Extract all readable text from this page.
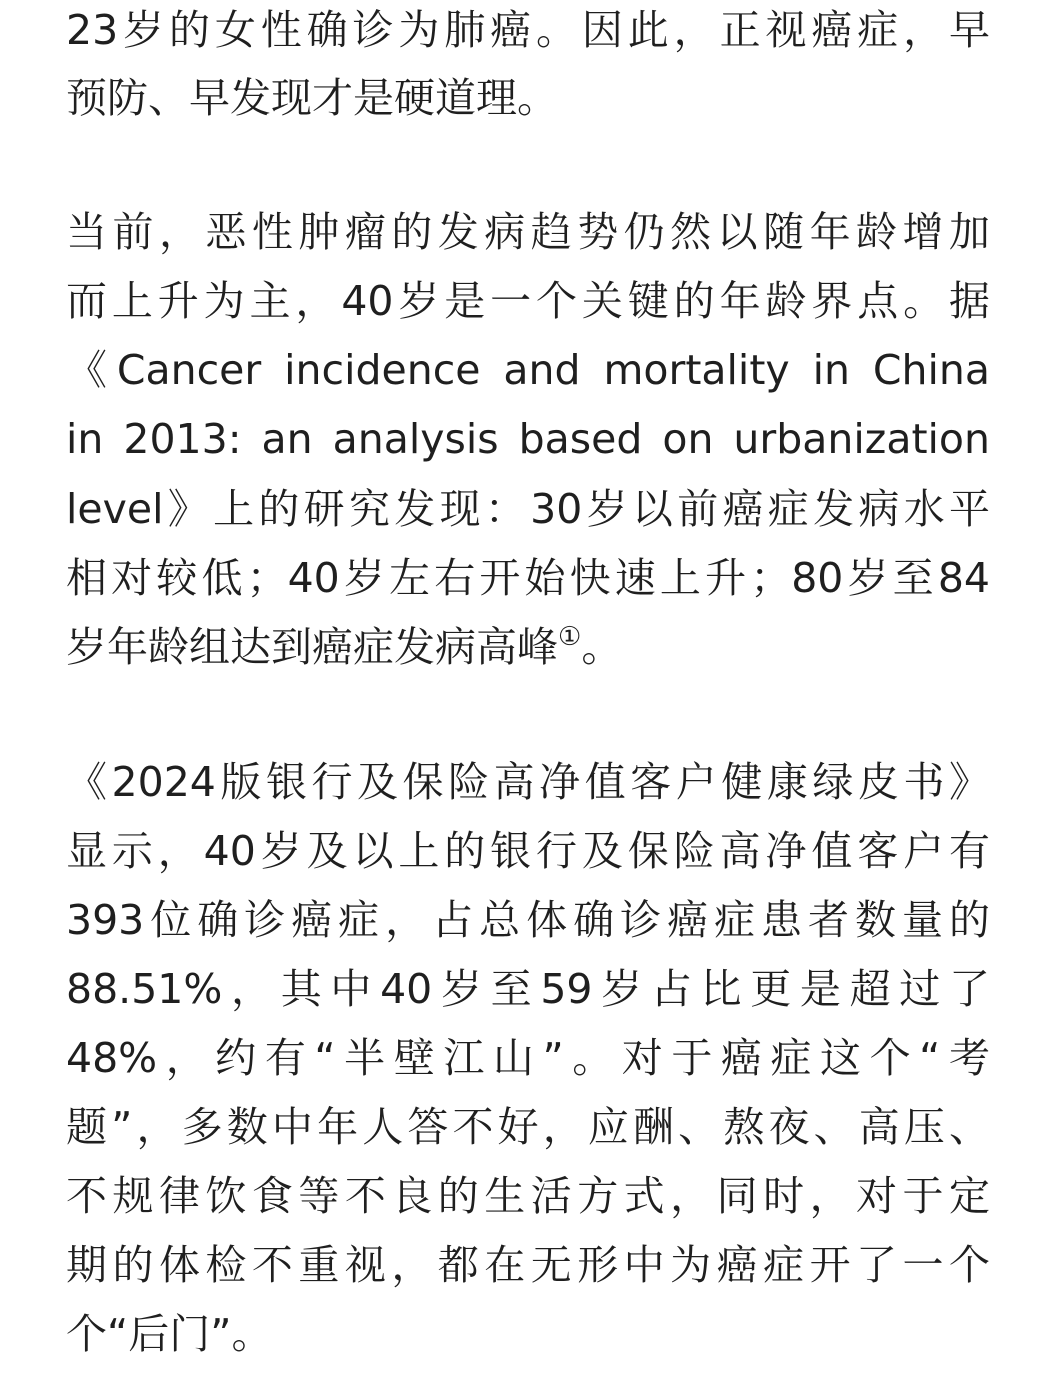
23岁的女性确诊为肺癌。因此，正视癌症，早
预防、早发现才是硬道理。
当前，恶性肿瘤的发病趋势仍然以随年龄增加
而上升为主，40岁是一个关键的年龄界点。据
《Cancer incidence and mortality in China
in 2013: an analysis based on urbanization
level》上的研究发现：30岁以前癌症发病水平
相对较低；40岁左右开始快速上升；80岁至84
岁年龄组达到癌症发病高峰①。
《2024版银行及保险高净值客户健康绿皮书》
显示，40岁及以上的银行及保险高净值客户有
393位确诊癌症，占总体确诊癌症患者数量的
88.51%，其中40岁至59岁占比更是超过了
48%，约有“半壁江山”。对于癌症这个“考
题”，多数中年人答不好，应酬、熬夜、高压、
不规律饮食等不良的生活方式，同时，对于定
期的体检不重视，都在无形中为癌症开了一个
个“后门”。
